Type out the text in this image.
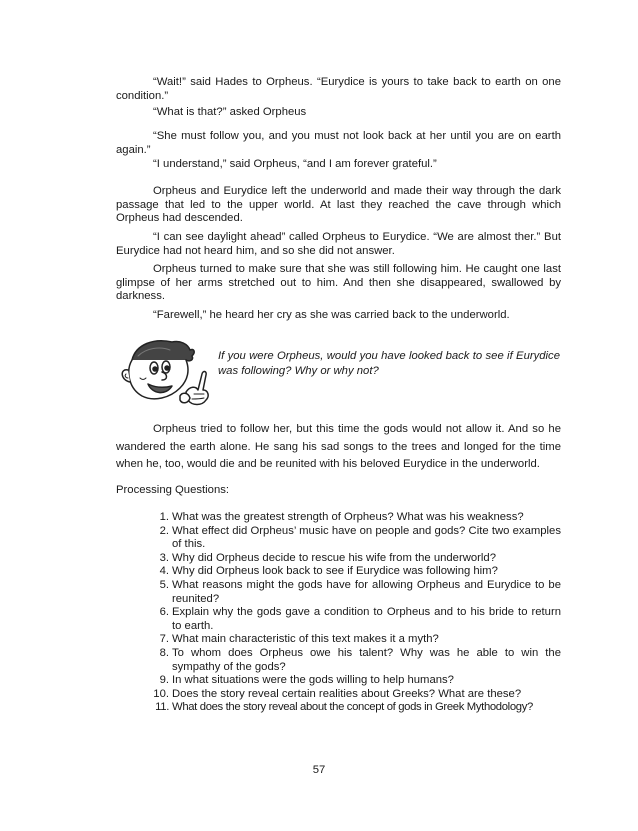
“Wait!” said Hades to Orpheus. “Eurydice is yours to take back to earth on one condition.”

“What is that?” asked Orpheus

“She must follow you, and you must not look back at her until you are on earth again.”

“I understand,” said Orpheus, “and I am forever grateful.”

Orpheus and Eurydice left the underworld and made their way through the dark passage that led to the upper world. At last they reached the cave through which Orpheus had descended.

“I can see daylight ahead” called Orpheus to Eurydice. “We are almost ther.” But Eurydice had not heard him, and so she did not answer.

Orpheus turned to make sure that she was still following him. He caught one last glimpse of her arms stretched out to him. And then she disappeared, swallowed by darkness.

“Farewell,” he heard her cry as she was carried back to the underworld.

If you were Orpheus, would you have looked back to see if Eurydice was following? Why or why not?

Orpheus tried to follow her, but this time the gods would not allow it. And so he wandered the earth alone. He sang his sad songs to the trees and longed for the time when he, too, would die and be reunited with his beloved Eurydice in the underworld.

Processing Questions:
1. What was the greatest strength of Orpheus? What was his weakness?
2. What effect did Orpheus’ music have on people and gods? Cite two examples of this.
3. Why did Orpheus decide to rescue his wife from the underworld?
4. Why did Orpheus look back to see if Eurydice was following him?
5. What reasons might the gods have for allowing Orpheus and Eurydice to be reunited?
6. Explain why the gods gave a condition to Orpheus and to his bride to return to earth.
7. What main characteristic of this text makes it a myth?
8. To whom does Orpheus owe his talent? Why was he able to win the sympathy of the gods?
9. In what situations were the gods willing to help humans?
10. Does the story reveal certain realities about Greeks? What are these?
11. What does the story reveal about the concept of gods in Greek Mythodology?
57
